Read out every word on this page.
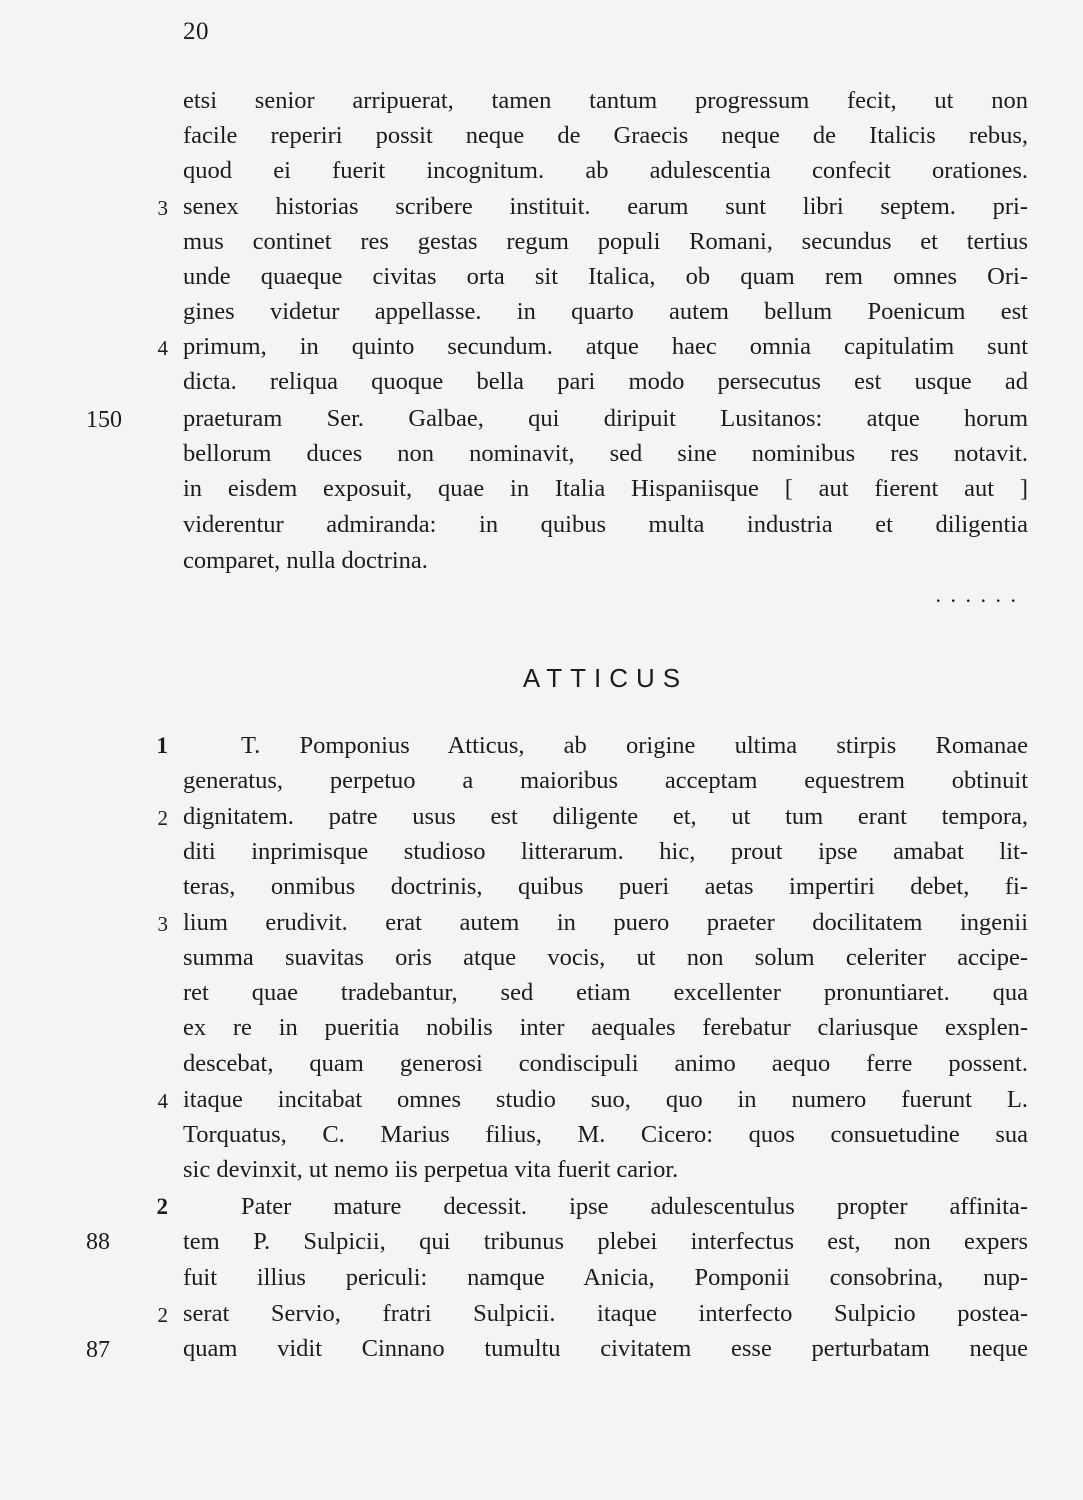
20
etsi senior arripuerat, tamen tantum progressum fecit, ut non
facile reperiri possit neque de Graecis neque de Italicis rebus,
quod ei fuerit incognitum. ab adulescentia confecit orationes.
3 senex historias scribere instituit. earum sunt libri septem. pri-
mus continet res gestas regum populi Romani, secundus et tertius
unde quaeque civitas orta sit Italica, ob quam rem omnes Ori-
gines videtur appellasse. in quarto autem bellum Poenicum est
4 primum, in quinto secundum. atque haec omnia capitulatim sunt
dicta. reliqua quoque bella pari modo persecutus est usque ad
150	praeturam Ser. Galbae, qui diripuit Lusitanos: atque horum
bellorum duces non nominavit, sed sine nominibus res notavit.
in eisdem exposuit, quae in Italia Hispaniisque [ aut fierent aut ]
viderentur admiranda: in quibus multa industria et diligentia
comparet, nulla doctrina.
. . . . . .
ATTICUS
1	T. Pomponius Atticus, ab origine ultima stirpis Romanae
generatus, perpetuo a maioribus acceptam equestrem obtinuit
2 dignitatem. patre usus est diligente et, ut tum erant tempora,
diti inprimisque studioso litterarum. hic, prout ipse amabat lit-
teras, onmibus doctrinis, quibus pueri aetas impertiri debet, fi-
3 lium erudivit. erat autem in puero praeter docilitatem ingenii
summa suavitas oris atque vocis, ut non solum celeriter accipe-
ret quae tradebantur, sed etiam excellenter pronuntiaret. qua
ex re in pueritia nobilis inter aequales ferebatur clariusque exsplen-
descebat, quam generosi condiscipuli animo aequo ferre possent.
4 itaque incitabat omnes studio suo, quo in numero fuerunt L.
Torquatus, C. Marius filius, M. Cicero: quos consuetudine sua
sic devinxit, ut nemo iis perpetua vita fuerit carior.
2	Pater mature decessit. ipse adulescentulus propter affinita-
88	tem P. Sulpicii, qui tribunus plebei interfectus est, non expers
fuit illius periculi: namque Anicia, Pomponii consobrina, nup-
2 serat Servio, fratri Sulpicii. itaque interfecto Sulpicio postea-
87	quam vidit Cinnano tumultu civitatem esse perturbatam neque
